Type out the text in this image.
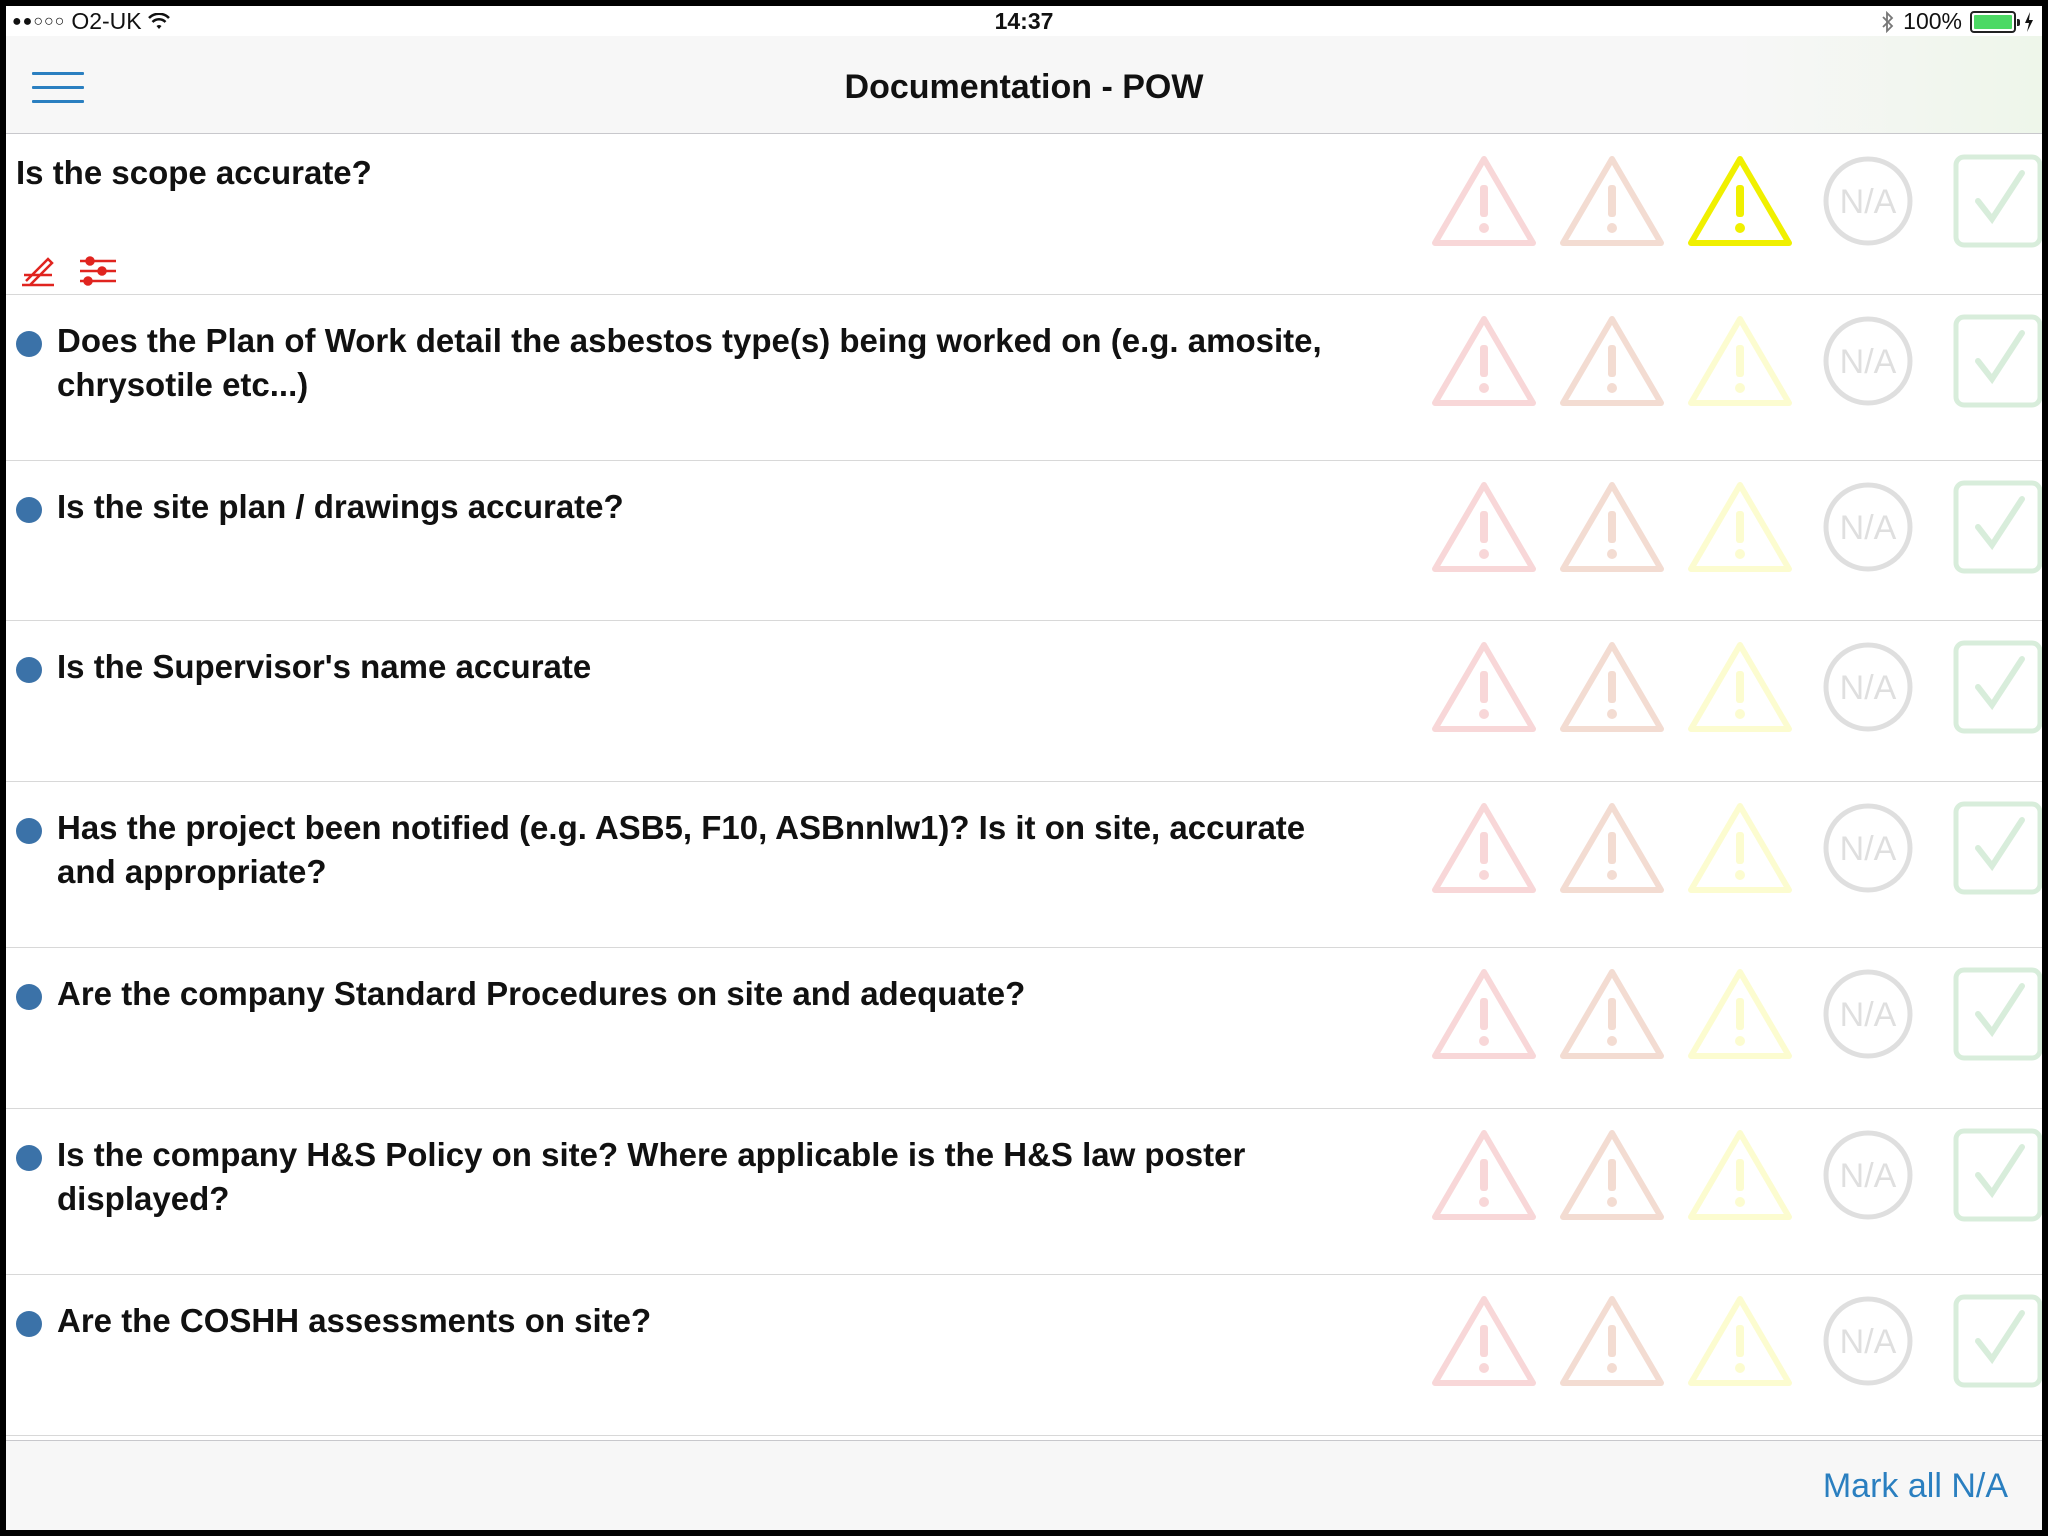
●●○○○ O2-UK	14:37	100%
Documentation - POW
Is the scope accurate?
N/A
Does the Plan of Work detail the asbestos type(s) being worked on (e.g. amosite, chrysotile etc...)
N/A
Is the site plan / drawings accurate?
N/A
Is the Supervisor's name accurate
N/A
Has the project been notified (e.g. ASB5, F10, ASBnnlw1)? Is it on site, accurate and appropriate?
N/A
Are the company Standard Procedures on site and adequate?
N/A
Is the company H&S Policy on site? Where applicable is the H&S law poster displayed?
N/A
Are the COSHH assessments on site?
N/A
Mark all N/A
